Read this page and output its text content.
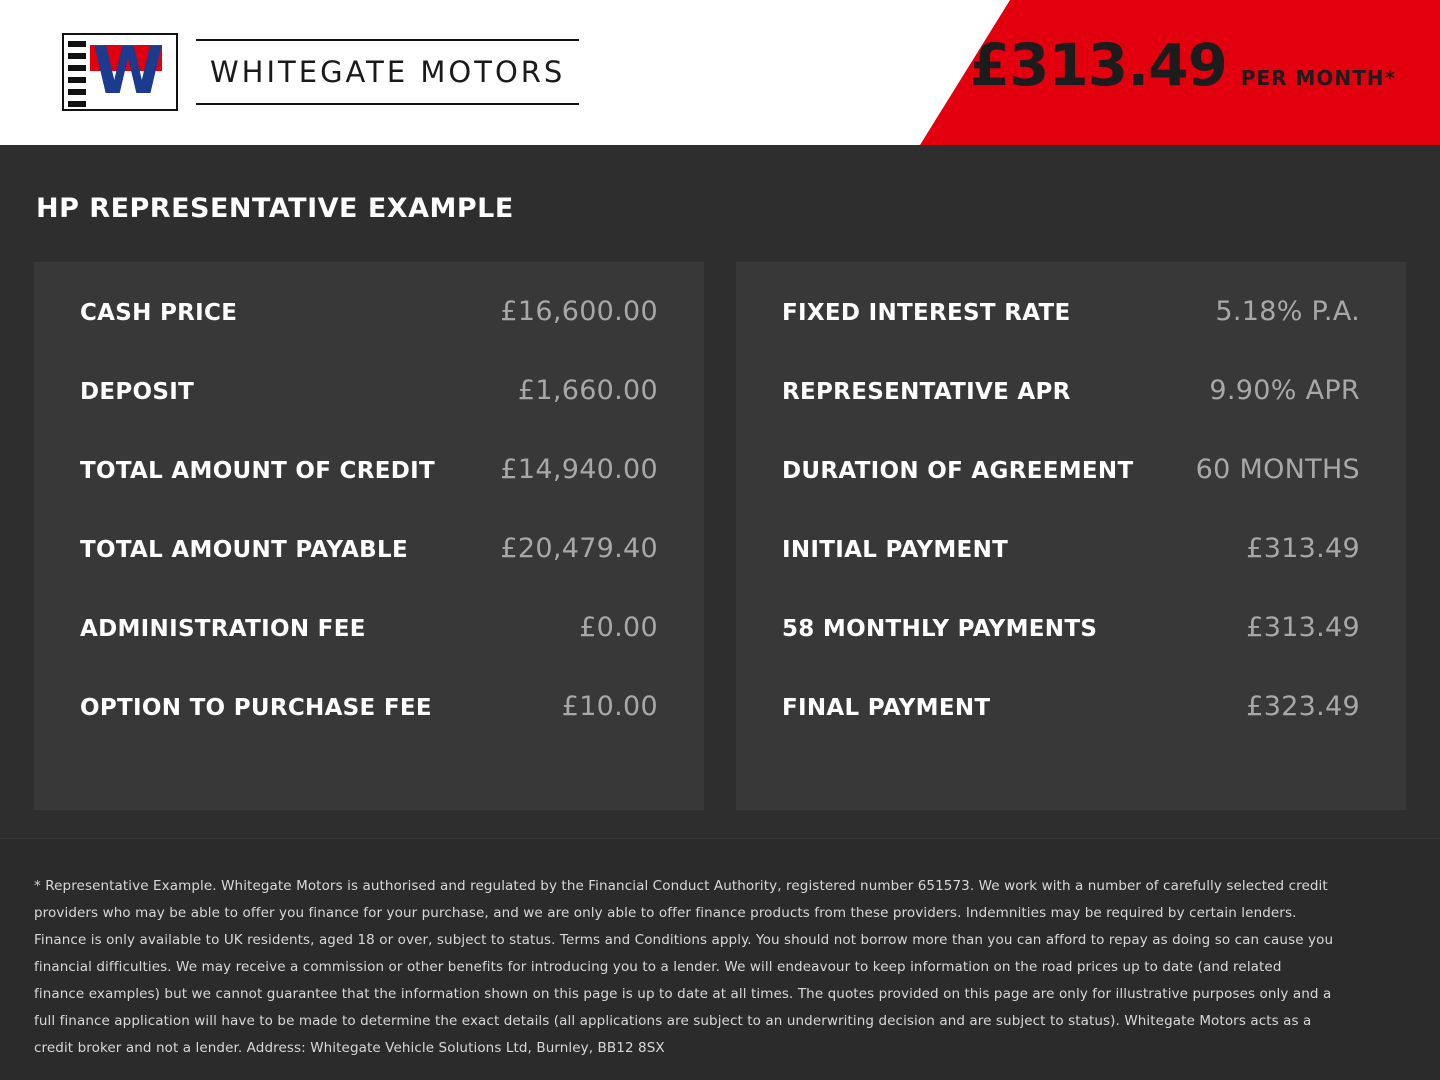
W WHITEGATE MOTORS	£313.49 PER MONTH*
HP REPRESENTATIVE EXAMPLE
CASH PRICE	£16,600.00
DEPOSIT	£1,660.00
TOTAL AMOUNT OF CREDIT £14,940.00
TOTAL AMOUNT PAYABLE	£20,479.40
ADMINISTRATION FEE	£0.00
OPTION TO PURCHASE FEE	£10.00
FIXED INTEREST RATE	5.18% P.A.
REPRESENTATIVE APR	9.90% APR
DURATION OF AGREEMENT 60 MONTHS
INITIAL PAYMENT	£313.49
58 MONTHLY PAYMENTS	£313.49
FINAL PAYMENT	£323.49

* Representative Example. Whitegate Motors is authorised and regulated by the Financial Conduct Authority, registered number 651573. We work with a number of carefully selected credit providers who may be able to offer you finance for your purchase, and we are only able to offer finance products from these providers. Indemnities may be required by certain lenders. Finance is only available to UK residents, aged 18 or over, subject to status. Terms and Conditions apply. You should not borrow more than you can afford to repay as doing so can cause you financial difficulties. We may receive a commission or other benefits for introducing you to a lender. We will endeavour to keep information on the road prices up to date (and related finance examples) but we cannot guarantee that the information shown on this page is up to date at all times. The quotes provided on this page are only for illustrative purposes only and a full finance application will have to be made to determine the exact details (all applications are subject to an underwriting decision and are subject to status). Whitegate Motors acts as a credit broker and not a lender. Address: Whitegate Vehicle Solutions Ltd, Burnley, BB12 8SX
